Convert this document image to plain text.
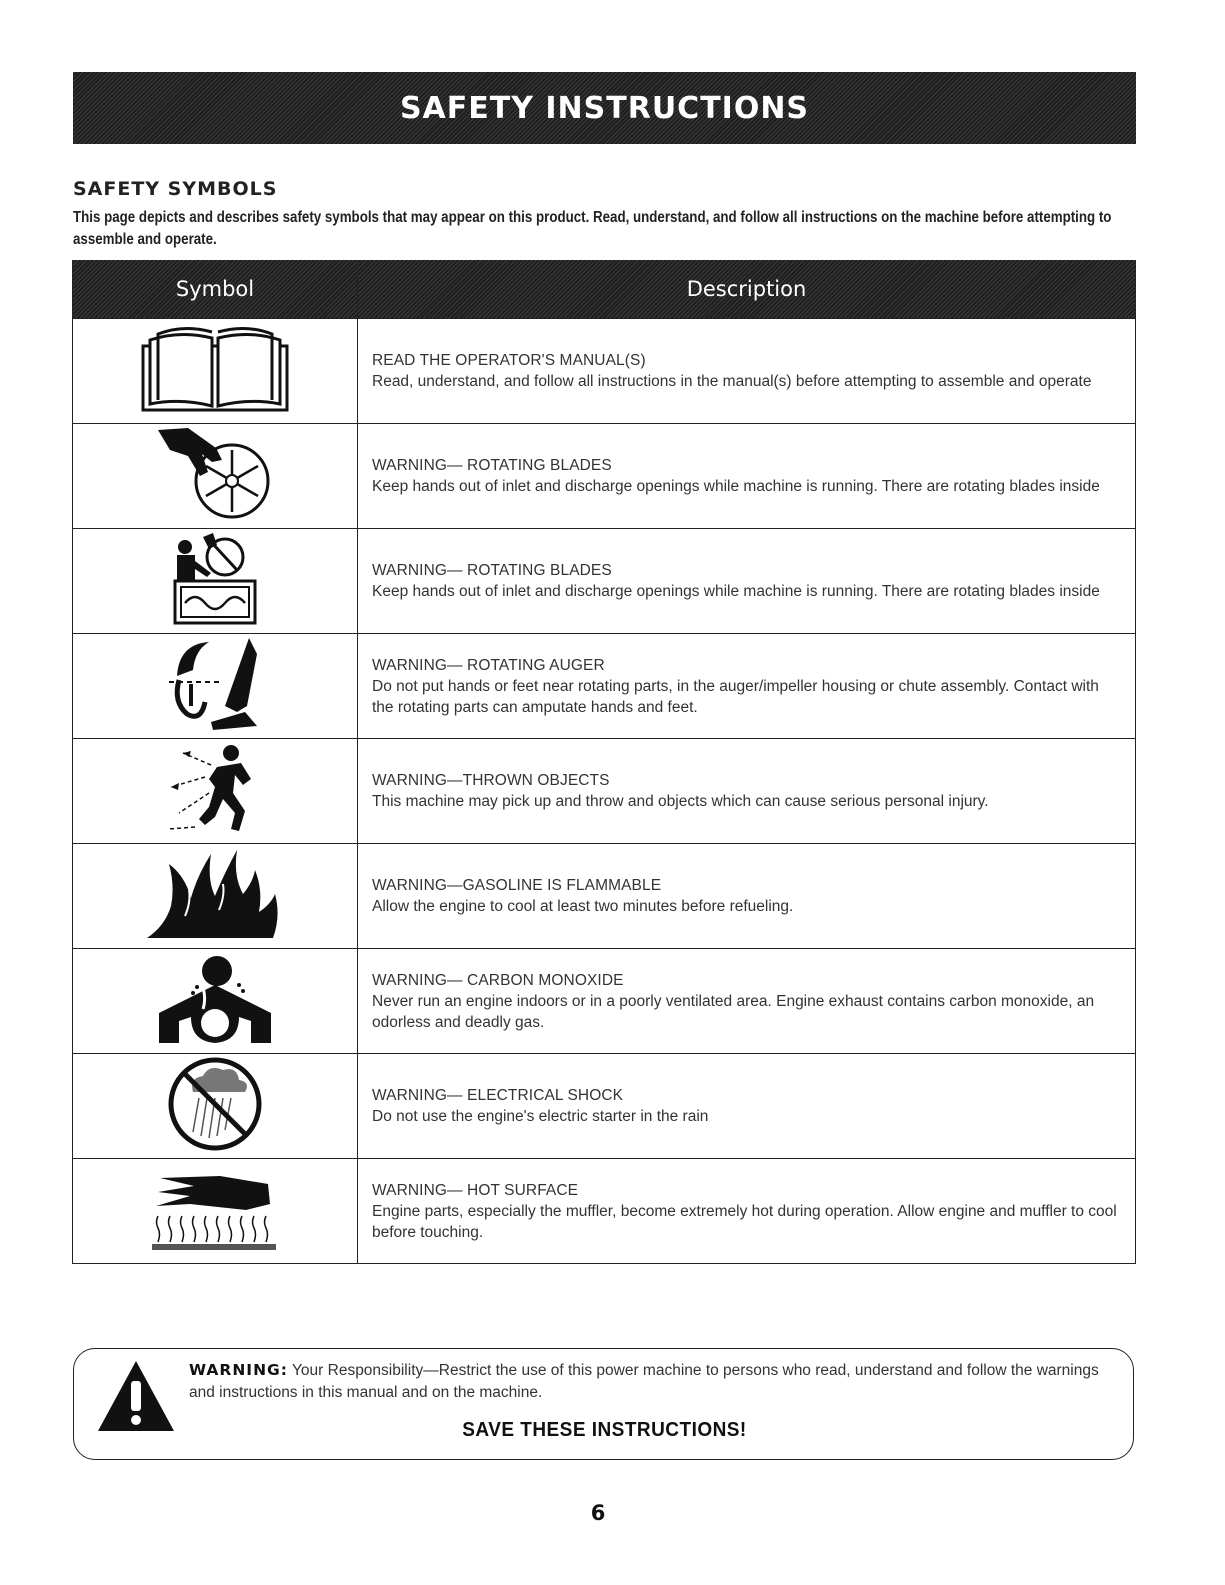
SAFETY INSTRUCTIONS
SAFETY SYMBOLS

This page depicts and describes safety symbols that may appear on this product. Read, understand, and follow all instructions on the machine before attempting to assemble and operate.

Symbol	Description

READ THE OPERATOR'S MANUAL(S)
Read, understand, and follow all instructions in the manual(s) before attempting to assemble and operate

WARNING— ROTATING BLADES
Keep hands out of inlet and discharge openings while machine is running. There are rotating blades inside

WARNING— ROTATING BLADES
Keep hands out of inlet and discharge openings while machine is running. There are rotating blades inside

WARNING— ROTATING AUGER
Do not put hands or feet near rotating parts, in the auger/impeller housing or chute assembly. Contact with the rotating parts can amputate hands and feet.

WARNING—THROWN OBJECTS
This machine may pick up and throw and objects which can cause serious personal injury.

WARNING—GASOLINE IS FLAMMABLE
Allow the engine to cool at least two minutes before refueling.

WARNING— CARBON MONOXIDE
Never run an engine indoors or in a poorly ventilated area. Engine exhaust contains carbon monoxide, an odorless and deadly gas.

WARNING— ELECTRICAL SHOCK
Do not use the engine's electric starter in the rain

WARNING— HOT SURFACE
Engine parts, especially the muffler, become extremely hot during operation. Allow engine and muffler to cool before touching.
WARNING: Your Responsibility—Restrict the use of this power machine to persons who read, understand and follow the warnings and instructions in this manual and on the machine.
SAVE THESE INSTRUCTIONS!
6
